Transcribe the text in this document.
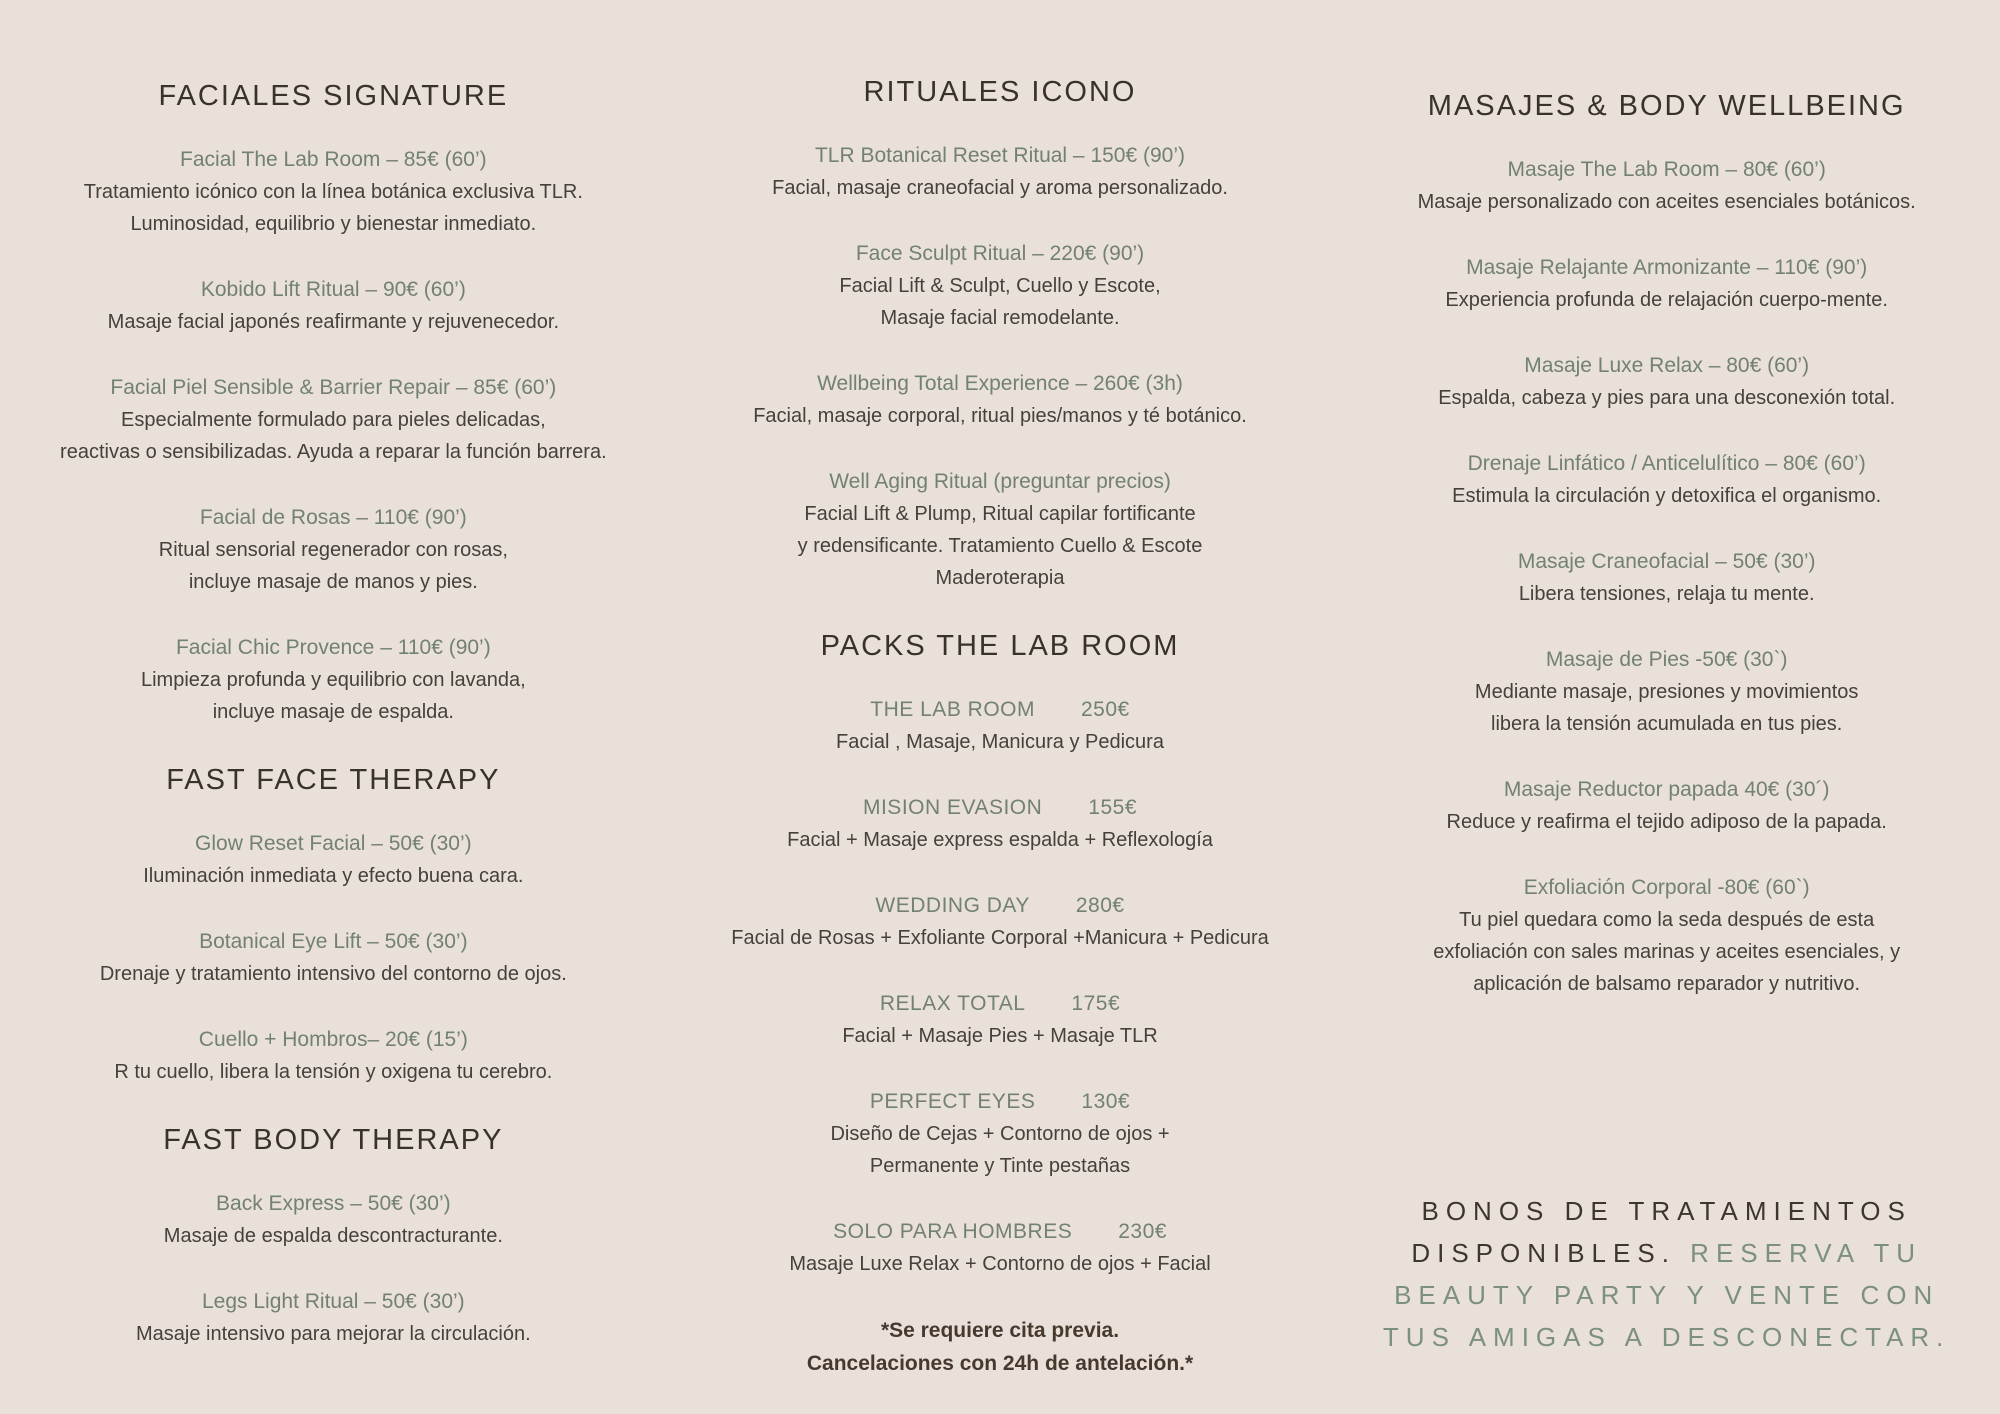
FACIALES SIGNATURE
Facial The Lab Room – 85€ (60’)
Tratamiento icónico con la línea botánica exclusiva TLR.
Luminosidad, equilibrio y bienestar inmediato.
Kobido Lift Ritual – 90€ (60’)
Masaje facial japonés reafirmante y rejuvenecedor.
Facial Piel Sensible & Barrier Repair – 85€ (60’)
Especialmente formulado para pieles delicadas,
reactivas o sensibilizadas. Ayuda a reparar la función barrera.
Facial de Rosas – 110€ (90’)
Ritual sensorial regenerador con rosas,
incluye masaje de manos y pies.
Facial Chic Provence – 110€ (90’)
Limpieza profunda y equilibrio con lavanda,
incluye masaje de espalda.
FAST FACE THERAPY
Glow Reset Facial – 50€ (30’)
Iluminación inmediata y efecto buena cara.
Botanical Eye Lift – 50€ (30’)
Drenaje y tratamiento intensivo del contorno de ojos.
Cuello + Hombros– 20€ (15’)
R tu cuello, libera la tensión y oxigena tu cerebro.
FAST BODY THERAPY
Back Express – 50€ (30’)
Masaje de espalda descontracturante.
Legs Light Ritual – 50€ (30’)
Masaje intensivo para mejorar la circulación.
RITUALES ICONO
TLR Botanical Reset Ritual – 150€ (90’)
Facial, masaje craneofacial y aroma personalizado.
Face Sculpt Ritual – 220€ (90’)
Facial Lift & Sculpt, Cuello y Escote,
Masaje facial remodelante.
Wellbeing Total Experience – 260€ (3h)
Facial, masaje corporal, ritual pies/manos y té botánico.
Well Aging Ritual (preguntar precios)
Facial Lift & Plump, Ritual capilar fortificante
y redensificante. Tratamiento Cuello & Escote
Maderoterapia
PACKS THE LAB ROOM
THE LAB ROOM 250€
Facial , Masaje, Manicura y Pedicura
MISION EVASION 155€
Facial + Masaje express espalda + Reflexología
WEDDING DAY 280€
Facial de Rosas + Exfoliante Corporal +Manicura + Pedicura
RELAX TOTAL 175€
Facial + Masaje Pies + Masaje TLR
PERFECT EYES 130€
Diseño de Cejas + Contorno de ojos +
Permanente y Tinte pestañas
SOLO PARA HOMBRES 230€
Masaje Luxe Relax + Contorno de ojos + Facial
*Se requiere cita previa.
Cancelaciones con 24h de antelación.*
MASAJES & BODY WELLBEING
Masaje The Lab Room – 80€ (60’)
Masaje personalizado con aceites esenciales botánicos.
Masaje Relajante Armonizante – 110€ (90’)
Experiencia profunda de relajación cuerpo-mente.
Masaje Luxe Relax – 80€ (60’)
Espalda, cabeza y pies para una desconexión total.
Drenaje Linfático / Anticelulítico – 80€ (60’)
Estimula la circulación y detoxifica el organismo.
Masaje Craneofacial – 50€ (30’)
Libera tensiones, relaja tu mente.
Masaje de Pies -50€ (30`)
Mediante masaje, presiones y movimientos
libera la tensión acumulada en tus pies.
Masaje Reductor papada 40€ (30´)
Reduce y reafirma el tejido adiposo de la papada.
Exfoliación Corporal -80€ (60`)
Tu piel quedara como la seda después de esta
exfoliación con sales marinas y aceites esenciales, y
aplicación de balsamo reparador y nutritivo.

BONOS DE TRATAMIENTOS DISPONIBLES. RESERVA TU BEAUTY PARTY Y VENTE CON TUS AMIGAS A DESCONECTAR.
